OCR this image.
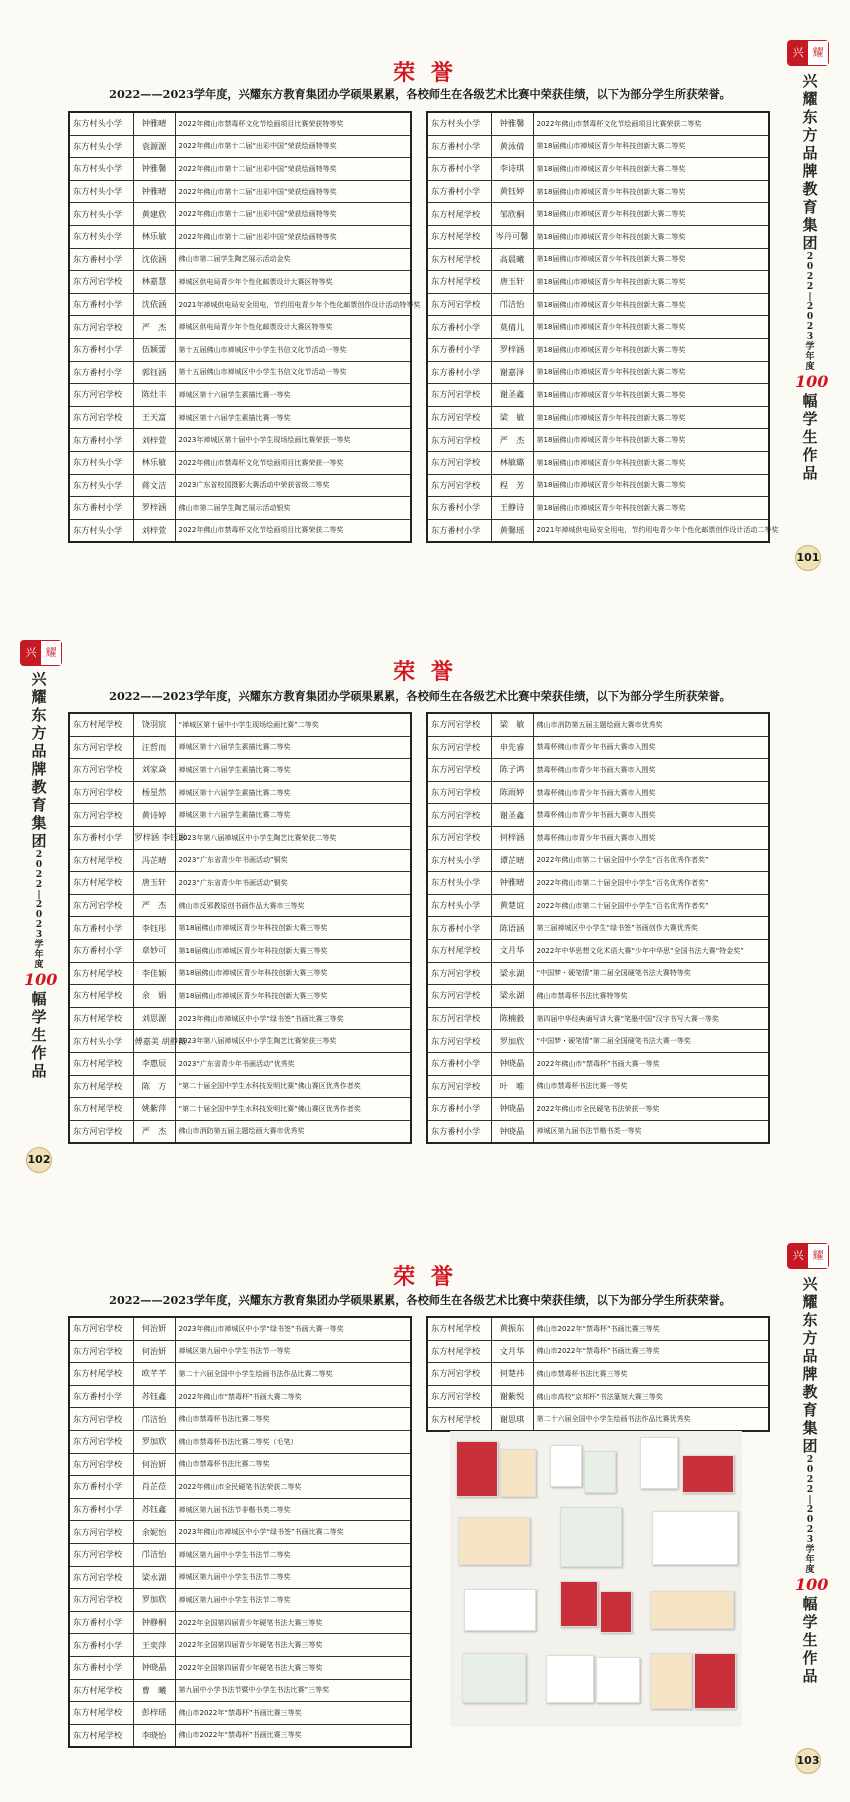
荣 誉
2022——2023学年度，兴耀东方教育集团办学硕果累累，各校师生在各级艺术比赛中荣获佳绩，以下为部分学生所获荣誉。
东方村头小学	钟雅晴	2022年佛山市禁毒杯文化节绘画项目比赛荣获特等奖
东方村头小学	袁源源	2022年佛山市第十二届“出彩中国”荣获绘画特等奖
东方村头小学	钟雅馨	2022年佛山市第十二届“出彩中国”荣获绘画特等奖
东方村头小学	钟雅晴	2022年佛山市第十二届“出彩中国”荣获绘画特等奖
东方村头小学	黄建欣	2022年佛山市第十二届“出彩中国”荣获绘画特等奖
东方村头小学	林乐敏	2022年佛山市第十二届“出彩中国”荣获绘画特等奖
东方番村小学	沈依涵	佛山市第二届学生陶艺展示活动金奖
东方河宕学校	林嘉慧	禅城区供电局青少年个性化邮票设计大赛区特等奖
东方番村小学	沈依涵	2021年禅城供电局安全用电，节约用电青少年个性化邮票创作设计活动特等奖
东方河宕学校	严　杰	禅城区供电局青少年个性化邮票设计大赛区特等奖
东方番村小学	伍颖蕾	第十五届佛山市禅城区中小学生书信文化节活动一等奖
东方番村小学	郭钰涵	第十五届佛山市禅城区中小学生书信文化节活动一等奖
东方河宕学校	陈灶丰	禅城区第十六届学生素描比赛一等奖
东方河宕学校	王天富	禅城区第十六届学生素描比赛一等奖
东方番村小学	刘梓萱	2023年禅城区第十届中小学生现场绘画比赛荣获一等奖
东方村头小学	林乐敏	2022年佛山市禁毒杯文化节绘画项目比赛荣获一等奖
东方村头小学	蒋文洁	2023广东省校园摄影大赛活动中荣获省级二等奖
东方番村小学	罗梓涵	佛山市第二届学生陶艺展示活动银奖
东方村头小学	刘梓萱	2022年佛山市禁毒杯文化节绘画项目比赛荣获二等奖
东方村头小学	钟雅馨	2022年佛山市禁毒杯文化节绘画项目比赛荣获二等奖
东方番村小学	黄泳倩	第18届佛山市禅城区青少年科技创新大赛二等奖
东方番村小学	李诗琪	第18届佛山市禅城区青少年科技创新大赛二等奖
东方番村小学	黄钰婷	第18届佛山市禅城区青少年科技创新大赛二等奖
东方村尾学校	邹欣桐	第18届佛山市禅城区青少年科技创新大赛二等奖
东方村尾学校	岑丹可馨	第18届佛山市禅城区青少年科技创新大赛二等奖
东方村尾学校	高晨曦	第18届佛山市禅城区青少年科技创新大赛二等奖
东方村尾学校	唐玉轩	第18届佛山市禅城区青少年科技创新大赛二等奖
东方河宕学校	邝洁怡	第18届佛山市禅城区青少年科技创新大赛二等奖
东方番村小学	莫倩儿	第18届佛山市禅城区青少年科技创新大赛二等奖
东方番村小学	罗梓涵	第18届佛山市禅城区青少年科技创新大赛二等奖
东方番村小学	谢嘉泽	第18届佛山市禅城区青少年科技创新大赛二等奖
东方河宕学校	谢圣鑫	第18届佛山市禅城区青少年科技创新大赛二等奖
东方河宕学校	梁　敏	第18届佛山市禅城区青少年科技创新大赛二等奖
东方河宕学校	严　杰	第18届佛山市禅城区青少年科技创新大赛二等奖
东方河宕学校	林敏璐	第18届佛山市禅城区青少年科技创新大赛二等奖
东方河宕学校	程　芳	第18届佛山市禅城区青少年科技创新大赛二等奖
东方番村小学	王静诗	第18届佛山市禅城区青少年科技创新大赛二等奖
东方番村小学	黄馨瑶	2021年禅城供电局安全用电，节约用电青少年个性化邮票创作设计活动二等奖
兴 耀
兴
耀
东
方
品
牌
教
育
集
团
2
0
2
2
|
2
0
2
3
学
年
度
100
幅
学
生
作
品
101
荣 誉
2022——2023学年度，兴耀东方教育集团办学硕果累累，各校师生在各级艺术比赛中荣获佳绩，以下为部分学生所获荣誉。
东方村尾学校	饶羽宸	“禅城区第十届中小学生现场绘画比赛”二等奖
东方河宕学校	汪哲而	禅城区第十六届学生素描比赛二等奖
东方河宕学校	刘家焱	禅城区第十六届学生素描比赛二等奖
东方河宕学校	杨星然	禅城区第十六届学生素描比赛二等奖
东方河宕学校	黄诗婷	禅城区第十六届学生素描比赛二等奖
东方番村小学	罗梓涵 李钰彤	2023年第八届禅城区中小学生陶艺比赛荣获二等奖
东方村尾学校	冯芷晴	2023“广东省青少年书画活动”铜奖
东方村尾学校	唐玉轩	2023“广东省青少年书画活动”铜奖
东方河宕学校	严　杰	佛山市反邪教原创书画作品大赛市三等奖
东方番村小学	李钰彤	第18届佛山市禅城区青少年科技创新大赛三等奖
东方番村小学	章妙可	第18届佛山市禅城区青少年科技创新大赛三等奖
东方村尾学校	李佳颖	第18届佛山市禅城区青少年科技创新大赛三等奖
东方村尾学校	余　娟	第18届佛山市禅城区青少年科技创新大赛三等奖
东方村尾学校	刘思源	2023年佛山市禅城区中小学“绿书签”书画比赛三等奖
东方村头小学	傅嘉美 胡静薇	2023年第八届禅城区中小学生陶艺比赛荣获三等奖
东方村尾学校	李惠辰	2023“广东省青少年书画活动”优秀奖
东方村尾学校	陈　方	“第二十届全国中学生水科技发明比赛”佛山赛区优秀作者奖
东方村尾学校	姚紫萍	“第二十届全国中学生水科技发明比赛”佛山赛区优秀作者奖
东方河宕学校	严　杰	佛山市消防第五届主题绘画大赛市优秀奖
东方河宕学校	梁　敏	佛山市消防第五届主题绘画大赛市优秀奖
东方河宕学校	申先睿	禁毒杯佛山市青少年书画大赛市入围奖
东方河宕学校	陈子鸿	禁毒杯佛山市青少年书画大赛市入围奖
东方河宕学校	陈雨婷	禁毒杯佛山市青少年书画大赛市入围奖
东方河宕学校	谢圣鑫	禁毒杯佛山市青少年书画大赛市入围奖
东方河宕学校	何梓涵	禁毒杯佛山市青少年书画大赛市入围奖
东方村头小学	谭芷晴	2022年佛山市第二十届全国中小学生“百名优秀作者奖”
东方村头小学	钟雅晴	2022年佛山市第二十届全国中小学生“百名优秀作者奖”
东方村头小学	黄楚谊	2022年佛山市第二十届全国中小学生“百名优秀作者奖”
东方番村小学	陈语涵	第三届禅城区中小学生“绿书签”书画创作大赛优秀奖
东方村尾学校	文月华	2022年中华思想文化术语大赛“少年中华思”全国书法大赛“特金奖”
东方河宕学校	梁永湖	“中国梦・硬笔情”第二届全国硬笔书法大赛特等奖
东方河宕学校	梁永湖	佛山市禁毒杯书法比赛特等奖
东方河宕学校	陈楠毅	第四届中华经典诵写讲大赛“笔墨中国”汉字书写大赛一等奖
东方河宕学校	罗加欣	“中国梦・硬笔情”第二届全国硬笔书法大赛一等奖
东方番村小学	钟晓晶	2022年佛山市“禁毒杯”书画大赛一等奖
东方河宕学校	叶　唯	佛山市禁毒杯书法比赛一等奖
东方番村小学	钟晓晶	2022年佛山市全民硬笔书法荣获一等奖
东方番村小学	钟晓晶	禅城区第九届书法节楷书类一等奖
兴 耀
兴
耀
东
方
品
牌
教
育
集
团
2
0
2
2
|
2
0
2
3
学
年
度
100
幅
学
生
作
品
102
荣 誉
2022——2023学年度，兴耀东方教育集团办学硕果累累，各校师生在各级艺术比赛中荣获佳绩，以下为部分学生所获荣誉。
东方河宕学校	何治妍	2023年佛山市禅城区中小学“绿书签”书画大赛一等奖
东方河宕学校	何治妍	禅城区第九届中小学生书法节一等奖
东方村尾学校	欧芊芊	第二十六届全国中小学生绘画书法作品比赛二等奖
东方番村小学	苏钰鑫	2022年佛山市“禁毒杯”书画大赛二等奖
东方河宕学校	邝洁怡	佛山市禁毒杯书法比赛二等奖
东方河宕学校	罗加欣	佛山市禁毒杯书法比赛二等奖（毛笔）
东方河宕学校	何治妍	佛山市禁毒杯书法比赛二等奖
东方番村小学	肖芷莅	2022年佛山市全民硬笔书法荣获二等奖
东方番村小学	苏钰鑫	禅城区第九届书法节非楷书类二等奖
东方河宕学校	余妮怡	2023年佛山市禅城区中小学“绿书签”书画比赛二等奖
东方河宕学校	邝洁怡	禅城区第九届中小学生书法节二等奖
东方河宕学校	梁永湖	禅城区第九届中小学生书法节二等奖
东方河宕学校	罗加欣	禅城区第九届中小学生书法节二等奖
东方番村小学	钟静桐	2022年全国第四届青少年硬笔书法大赛三等奖
东方番村小学	王奕萍	2022年全国第四届青少年硬笔书法大赛三等奖
东方番村小学	钟晓晶	2022年全国第四届青少年硬笔书法大赛三等奖
东方村尾学校	曹　曦	第九届中小学书法节暨中小学生书法比赛”三等奖
东方村尾学校	彭梓瑶	佛山市2022年“禁毒杯”书画比赛三等奖
东方村尾学校	李晓怡	佛山市2022年“禁毒杯”书画比赛三等奖
东方村尾学校	黄振东	佛山市2022年“禁毒杯”书画比赛三等奖
东方村尾学校	文月华	佛山市2022年“禁毒杯”书画比赛三等奖
东方河宕学校	何楚祎	佛山市禁毒杯书法比赛三等奖
东方河宕学校	谢紫悦	佛山市高校“京邦杯”书法篆刻大赛三等奖
东方村尾学校	谢思琪	第二十六届全国中小学生绘画书法作品比赛优秀奖
兴 耀
兴
耀
东
方
品
牌
教
育
集
团
2
0
2
2
|
2
0
2
3
学
年
度
100
幅
学
生
作
品
103
